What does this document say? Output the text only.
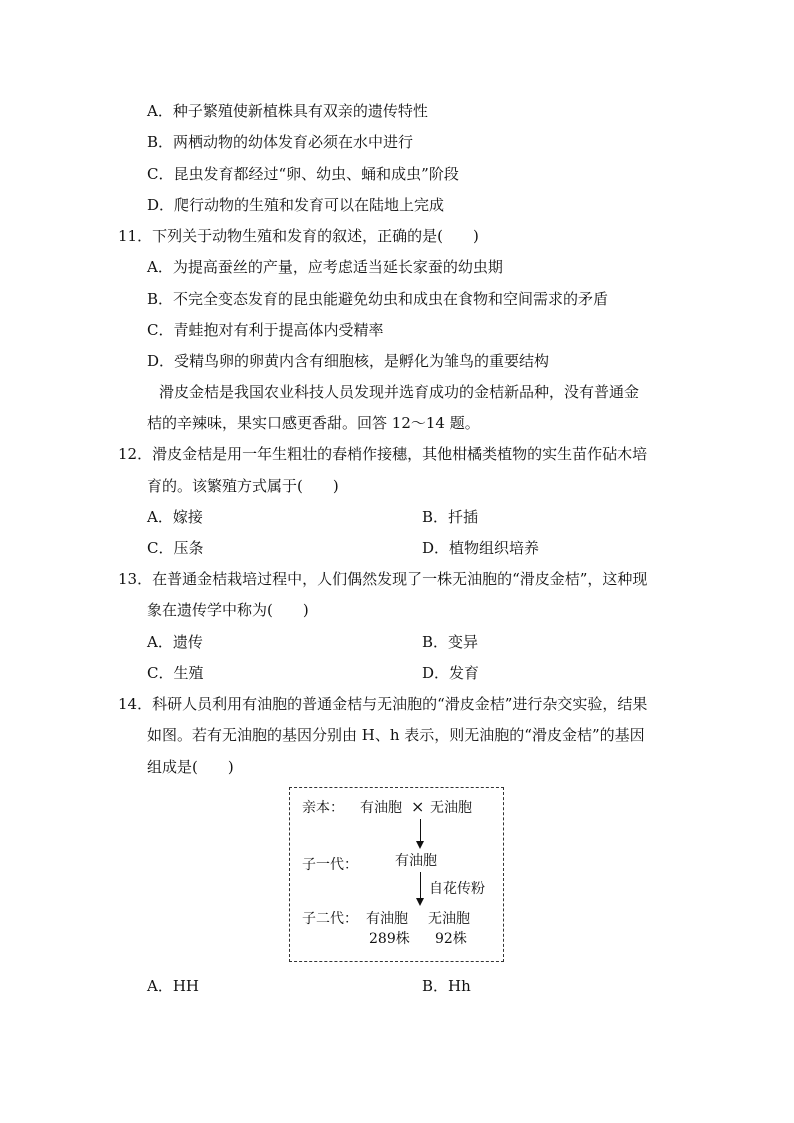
A．种子繁殖使新植株具有双亲的遗传特性
B．两栖动物的幼体发育必须在水中进行
C．昆虫发育都经过“卵、幼虫、蛹和成虫”阶段
D．爬行动物的生殖和发育可以在陆地上完成
11．下列关于动物生殖和发育的叙述，正确的是(　　)
A．为提高蚕丝的产量，应考虑适当延长家蚕的幼虫期
B．不完全变态发育的昆虫能避免幼虫和成虫在食物和空间需求的矛盾
C．青蛙抱对有利于提高体内受精率
D．受精鸟卵的卵黄内含有细胞核，是孵化为雏鸟的重要结构
滑皮金桔是我国农业科技人员发现并选育成功的金桔新品种，没有普通金
桔的辛辣味，果实口感更香甜。回答 12～14 题。
12．滑皮金桔是用一年生粗壮的春梢作接穗，其他柑橘类植物的实生苗作砧木培
育的。该繁殖方式属于(　　)
A．嫁接	B．扦插
C．压条	D．植物组织培养
13．在普通金桔栽培过程中，人们偶然发现了一株无油胞的“滑皮金桔”，这种现
象在遗传学中称为(　　)
A．遗传	B．变异
C．生殖	D．发育
14．科研人员利用有油胞的普通金桔与无油胞的“滑皮金桔”进行杂交实验，结果
如图。若有无油胞的基因分别由 H、h 表示，则无油胞的“滑皮金桔”的基因
组成是(　　)
亲本： 有油胞 × 无油胞
子一代：	有油胞
自花传粉
子二代： 有油胞
289株
无油胞
92株
A．HH	B．Hh
